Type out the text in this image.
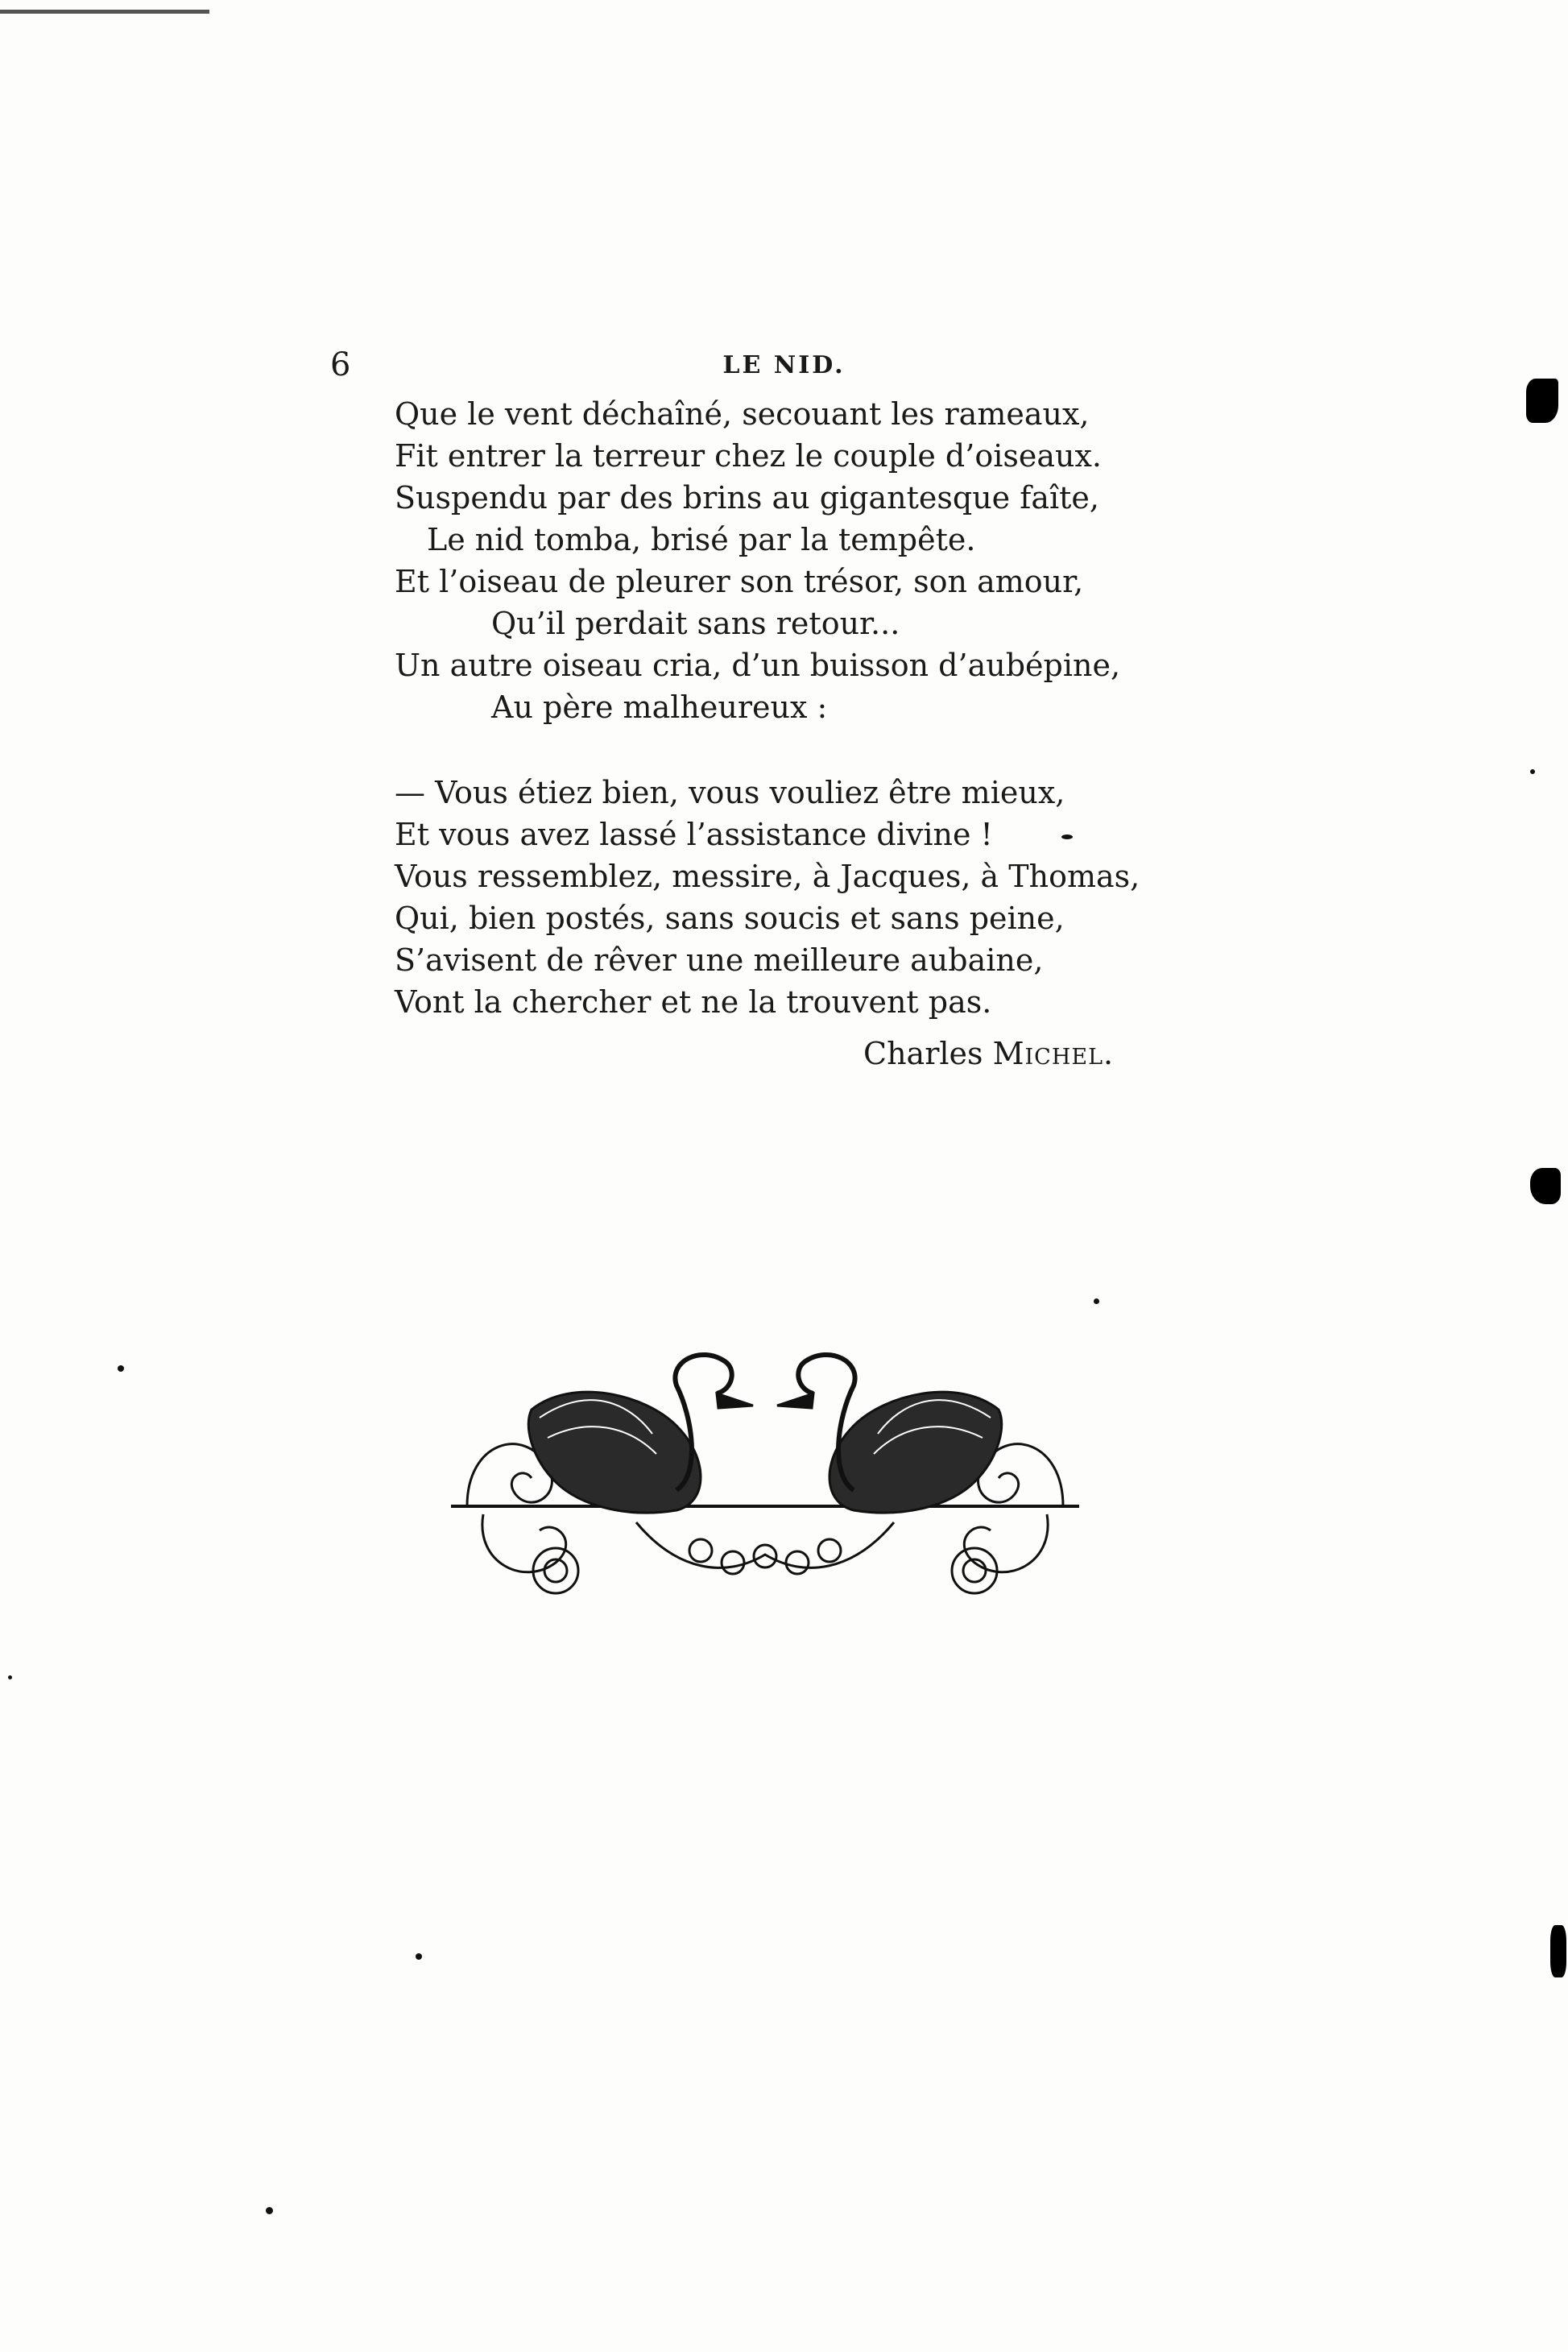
6	LE NID.
Que le vent déchaîné, secouant les rameaux,
Fit entrer la terreur chez le couple d’oiseaux.
Suspendu par des brins au gigantesque faîte,
Le nid tomba, brisé par la tempête.
Et l’oiseau de pleurer son trésor, son amour,
Qu’il perdait sans retour...
Un autre oiseau cria, d’un buisson d’aubépine,
Au père malheureux :
— Vous étiez bien, vous vouliez être mieux,
Et vous avez lassé l’assistance divine !
Vous ressemblez, messire, à Jacques, à Thomas,
Qui, bien postés, sans soucis et sans peine,
S’avisent de rêver une meilleure aubaine,
Vont la chercher et ne la trouvent pas.
Charles Michel.
